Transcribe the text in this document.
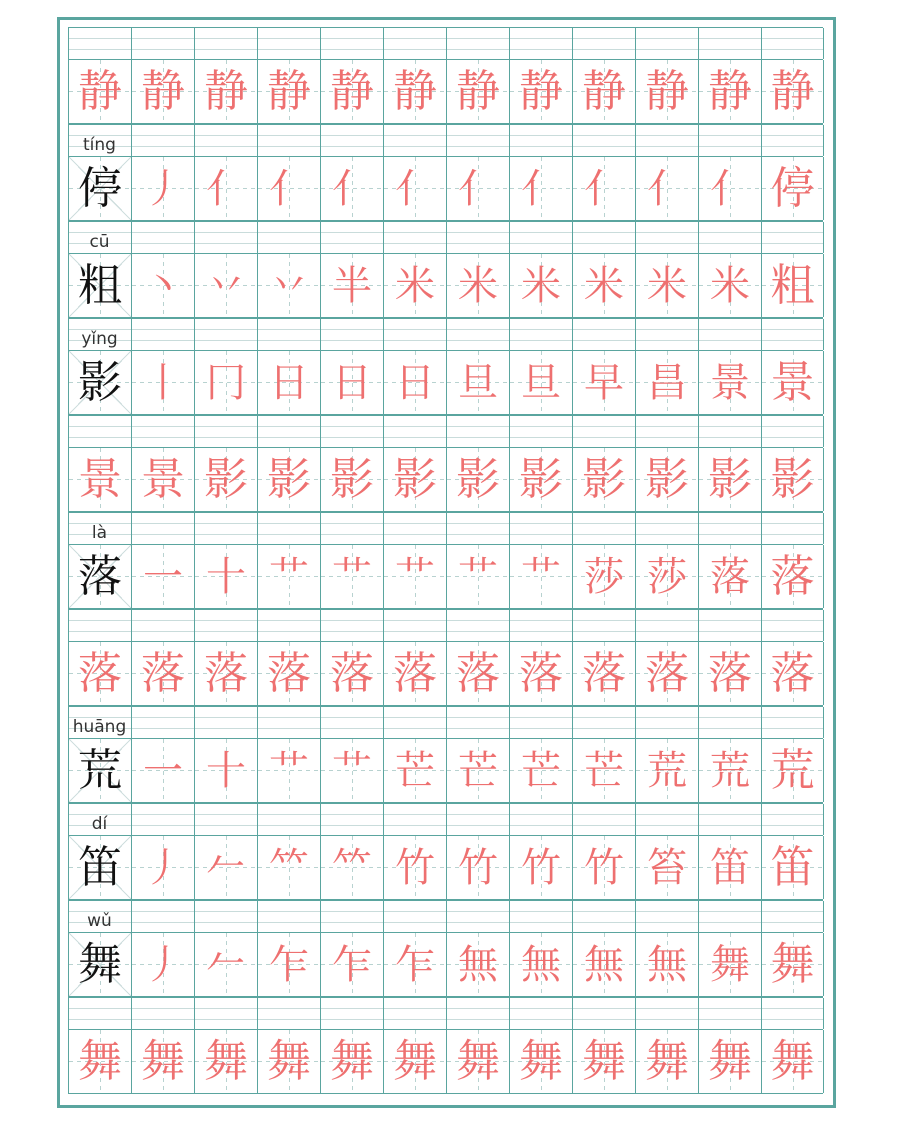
静 静 静 静 静 静 静 静 静 静 静 静
tíng
停 丿 亻 亻 亻 亻 亻 亻 亻 亻 亻 停
cū
粗 丶 丷 丷 半 米 米 米 米 米 米 粗
yǐng
影 丨 冂 日 日 日 旦 旦 早 昌 景 景
景 景 影 影 影 影 影 影 影 影 影 影
là
落 一 十 艹 艹 艹 艹 艹 莎 莎 落 落
落 落 落 落 落 落 落 落 落 落 落 落
huāng
荒 一 十 艹 艹 芒 芒 芒 芒 荒 荒 荒
dí
笛 丿 𠂉 𥫗 𥫗 竹 竹 竹 竹 笞 笛 笛
wǔ
舞 丿 𠂉 乍 乍 乍 無 無 無 無 舞 舞
舞 舞 舞 舞 舞 舞 舞 舞 舞 舞 舞 舞
